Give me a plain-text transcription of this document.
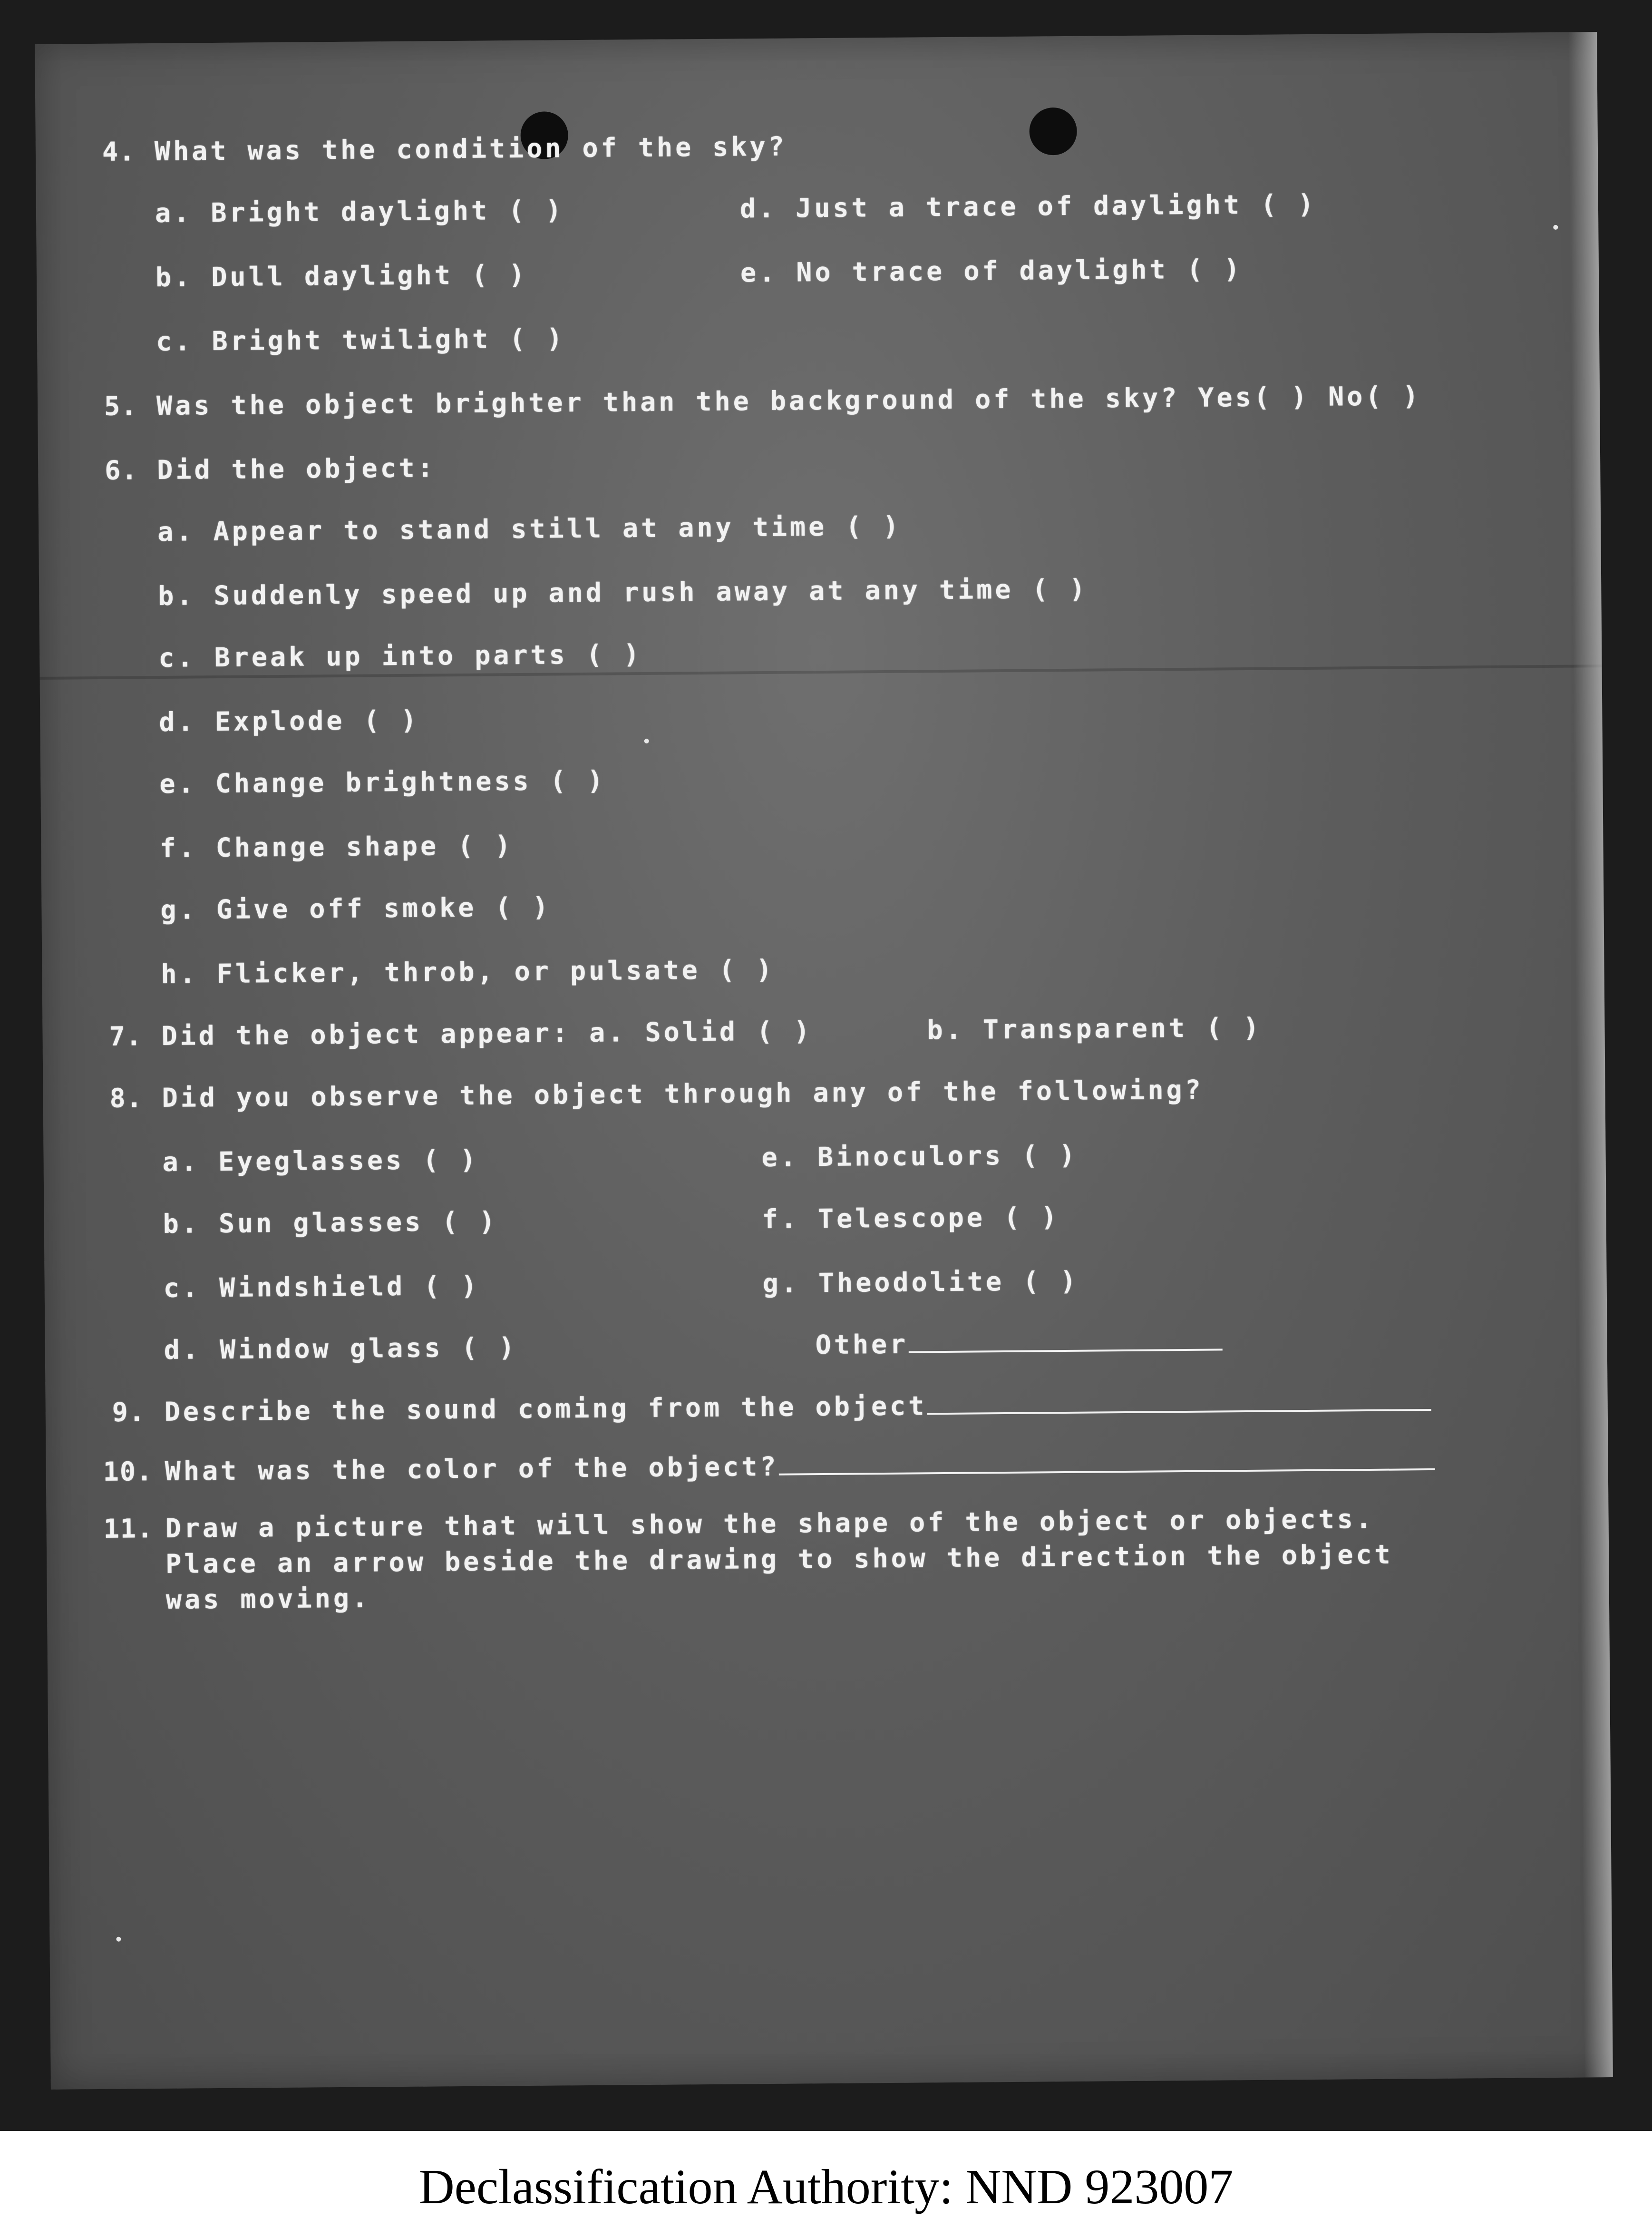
4. What was the condition of the sky?
a. Bright daylight ( )	d. Just a trace of daylight ( )
b. Dull daylight ( )	e. No trace of daylight ( )
c. Bright twilight ( )
5. Was the object brighter than the background of the sky? Yes( ) No( )
6. Did the object:
a. Appear to stand still at any time ( )
b. Suddenly speed up and rush away at any time ( )
c. Break up into parts ( )
d. Explode ( )
e. Change brightness ( )
f. Change shape ( )
g. Give off smoke ( )
h. Flicker, throb, or pulsate ( )
7. Did the object appear: a. Solid ( )	b. Transparent ( )
8. Did you observe the object through any of the following?
a. Eyeglasses ( )	e. Binoculors ( )
b. Sun glasses ( )	f. Telescope ( )
c. Windshield ( )	g. Theodolite ( )
d. Window glass ( )	Other
9. Describe the sound coming from the object
10. What was the color of the object?
11. Draw a picture that will show the shape of the object or objects.
Place an arrow beside the drawing to show the direction the object
was moving.
Declassification Authority: NND 923007
